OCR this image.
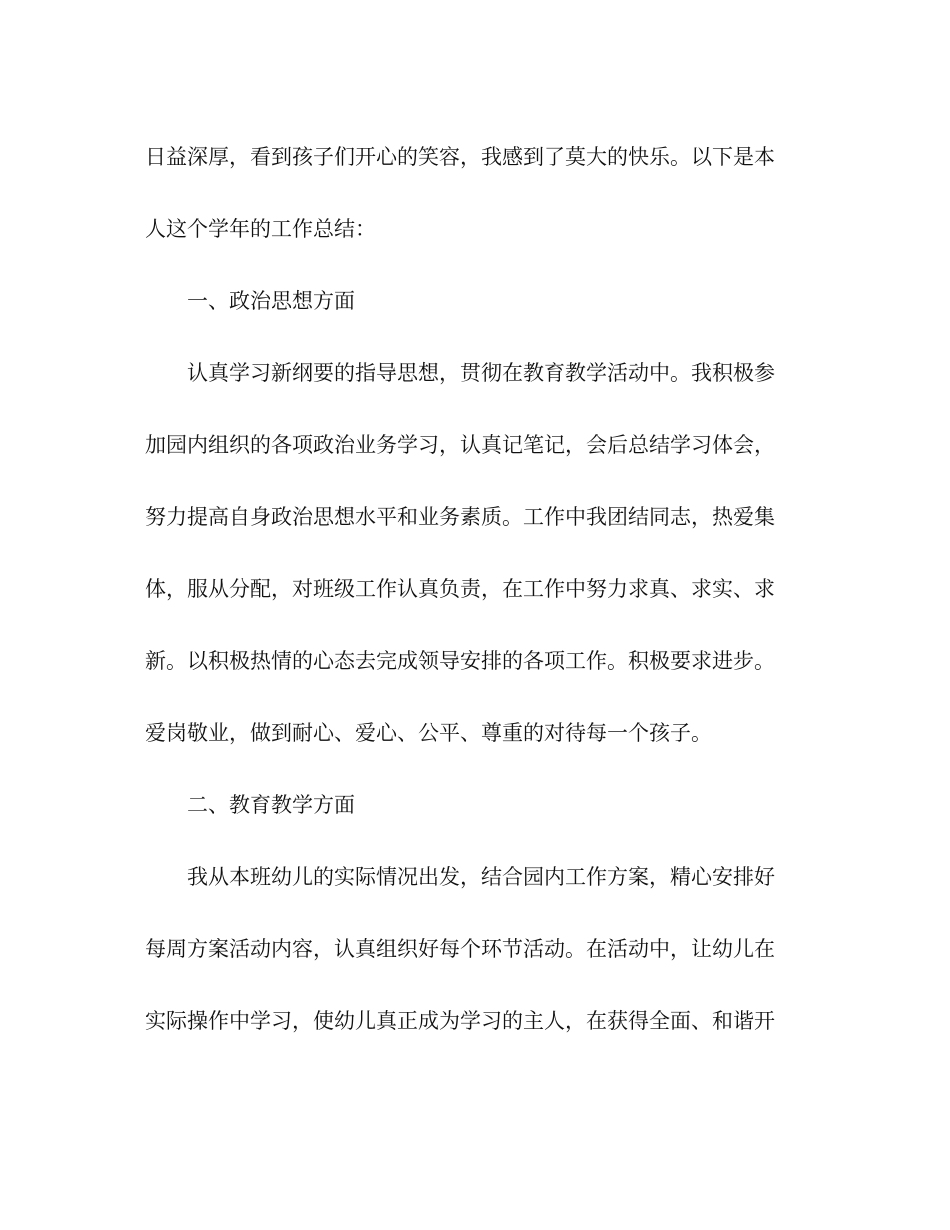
日益深厚，看到孩子们开心的笑容，我感到了莫大的快乐。以下是本
人这个学年的工作总结：
一、政治思想方面
认真学习新纲要的指导思想，贯彻在教育教学活动中。我积极参
加园内组织的各项政治业务学习，认真记笔记，会后总结学习体会，
努力提高自身政治思想水平和业务素质。工作中我团结同志，热爱集
体，服从分配，对班级工作认真负责，在工作中努力求真、求实、求
新。以积极热情的心态去完成领导安排的各项工作。积极要求进步。
爱岗敬业，做到耐心、爱心、公平、尊重的对待每一个孩子。
二、教育教学方面
我从本班幼儿的实际情况出发，结合园内工作方案，精心安排好
每周方案活动内容，认真组织好每个环节活动。在活动中，让幼儿在
实际操作中学习，使幼儿真正成为学习的主人，在获得全面、和谐开
